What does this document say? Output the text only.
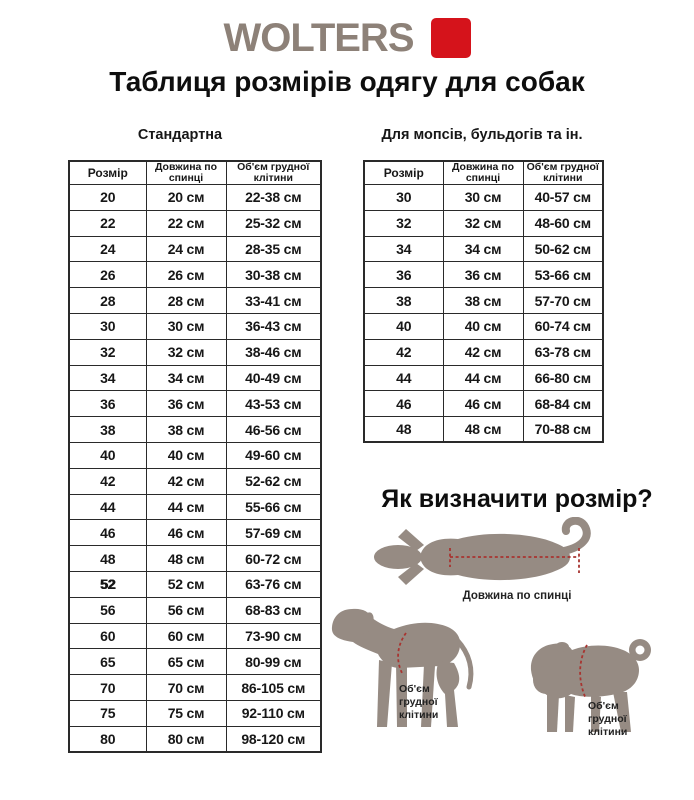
WOLTERS
Таблиця розмірів одягу для собак
Стандартна	Для мопсів, бульдогів та ін.
Розмір	Довжина по спинці	Об'єм грудної клітини
20	20 см	22-38 см
22	22 см	25-32 см
24	24 см	28-35 см
26	26 см	30-38 см
28	28 см	33-41 см
30	30 см	36-43 см
32	32 см	38-46 см
34	34 см	40-49 см
36	36 см	43-53 см
38	38 см	46-56 см
40	40 см	49-60 см
42	42 см	52-62 см
44	44 см	55-66 см
46	46 см	57-69 см
48	48 см	60-72 см
52	52 см	63-76 см
56	56 см	68-83 см
60	60 см	73-90 см
65	65 см	80-99 см
70	70 см	86-105 см
75	75 см	92-110 см
80	80 см	98-120 см
Розмір	Довжина по спинці	Об'єм грудної клітини
30	30 см	40-57 см
32	32 см	48-60 см
34	34 см	50-62 см
36	36 см	53-66 см
38	38 см	57-70 см
40	40 см	60-74 см
42	42 см	63-78 см
44	44 см	66-80 см
46	46 см	68-84 см
48	48 см	70-88 см
Як визначити розмір?
Довжина по спинці
Об'єм
грудної
клітини
Об'єм
грудної
клітини
